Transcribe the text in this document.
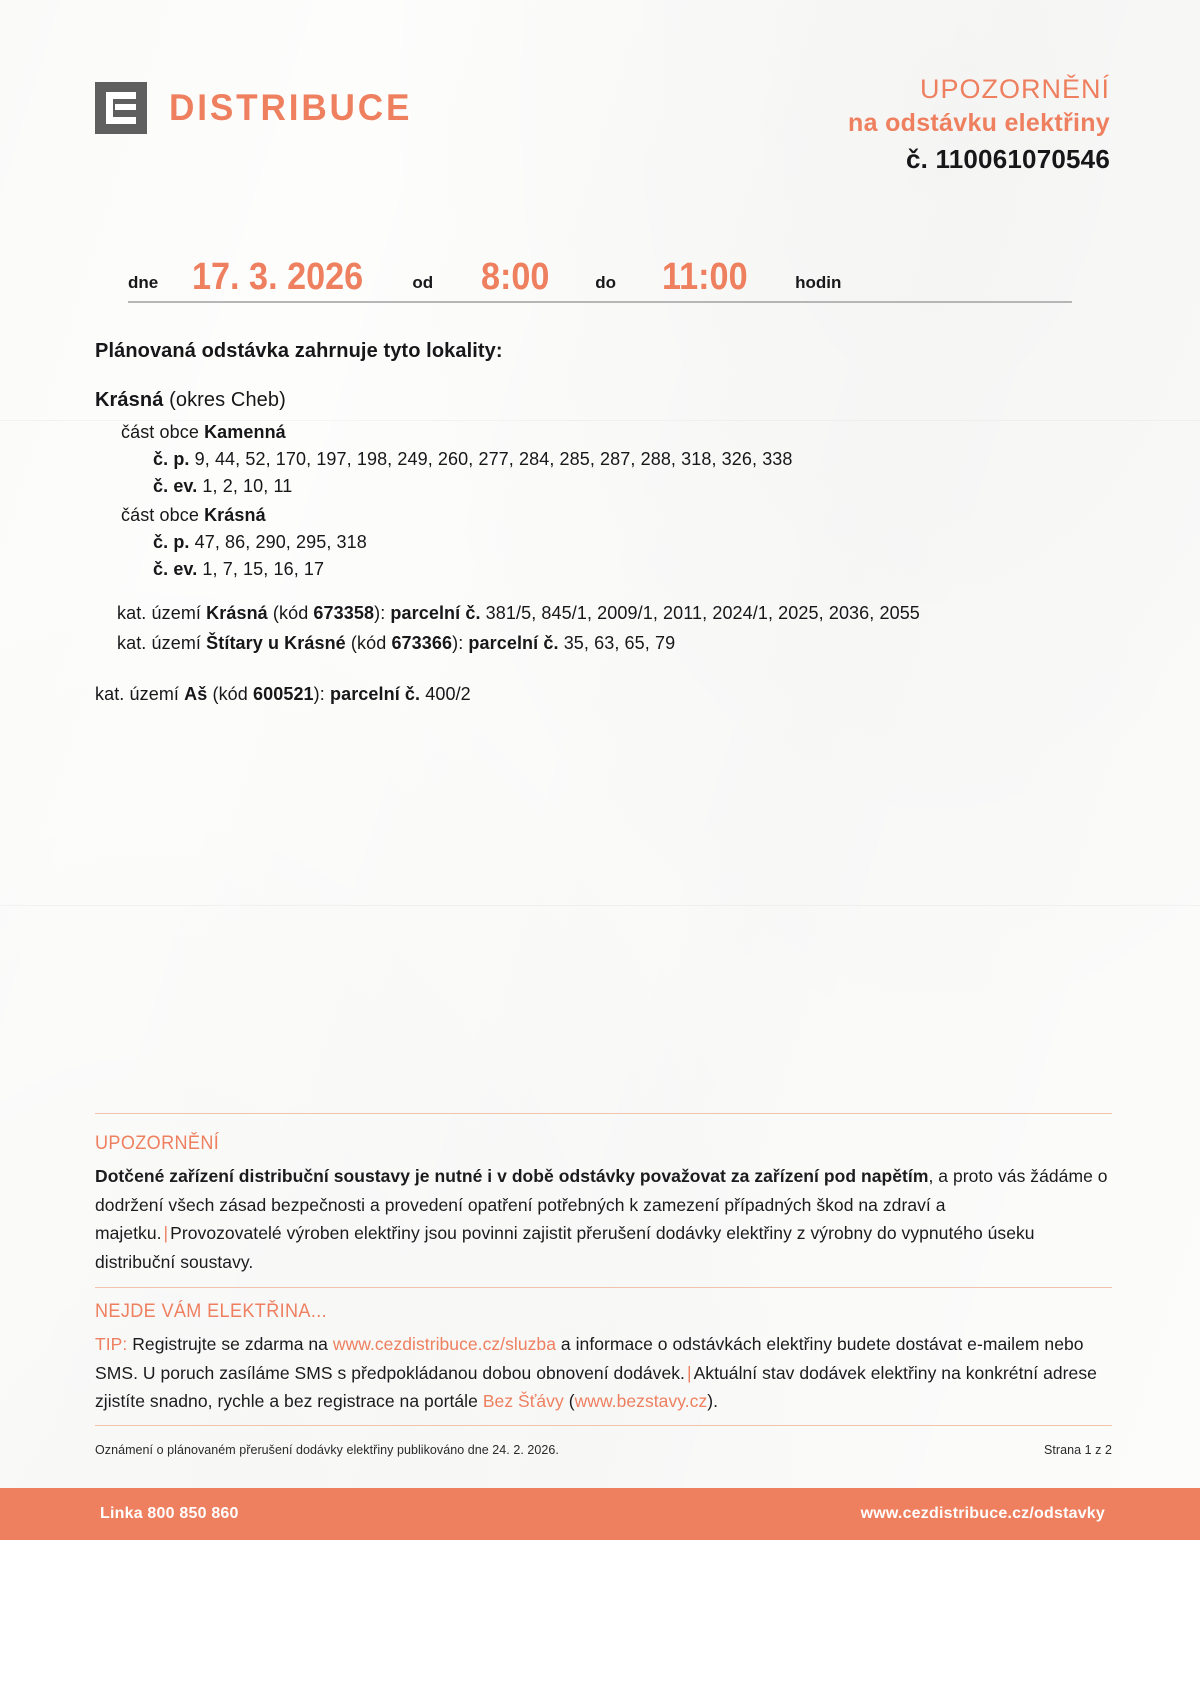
DISTRIBUCE	UPOZORNĚNÍ
na odstávku elektřiny
č. 110061070546
dne 17. 3. 2026	od 8:00	do 11:00	hodin
Plánovaná odstávka zahrnuje tyto lokality:
Krásná (okres Cheb)
část obce Kamenná
č. p. 9, 44, 52, 170, 197, 198, 249, 260, 277, 284, 285, 287, 288, 318, 326, 338
č. ev. 1, 2, 10, 11
část obce Krásná
č. p. 47, 86, 290, 295, 318
č. ev. 1, 7, 15, 16, 17
kat. území Krásná (kód 673358): parcelní č. 381/5, 845/1, 2009/1, 2011, 2024/1, 2025, 2036, 2055
kat. území Štítary u Krásné (kód 673366): parcelní č. 35, 63, 65, 79
kat. území Aš (kód 600521): parcelní č. 400/2
UPOZORNĚNÍ
Dotčené zařízení distribuční soustavy je nutné i v době odstávky považovat za zařízení pod napětím, a proto vás žádáme o dodržení všech zásad bezpečnosti a provedení opatření potřebných k zamezení případných škod na zdraví a majetku. | Provozovatelé výroben elektřiny jsou povinni zajistit přerušení dodávky elektřiny z výrobny do vypnutého úseku distribuční soustavy.
NEJDE VÁM ELEKTŘINA...
TIP: Registrujte se zdarma na www.cezdistribuce.cz/sluzba a informace o odstávkách elektřiny budete dostávat e-mailem nebo SMS. U poruch zasíláme SMS s předpokládanou dobou obnovení dodávek. | Aktuální stav dodávek elektřiny na konkrétní adrese zjistíte snadno, rychle a bez registrace na portále Bez Šťávy (www.bezstavy.cz).
Oznámení o plánovaném přerušení dodávky elektřiny publikováno dne 24. 2. 2026.	Strana 1 z 2
Linka 800 850 860	www.cezdistribuce.cz/odstavky
